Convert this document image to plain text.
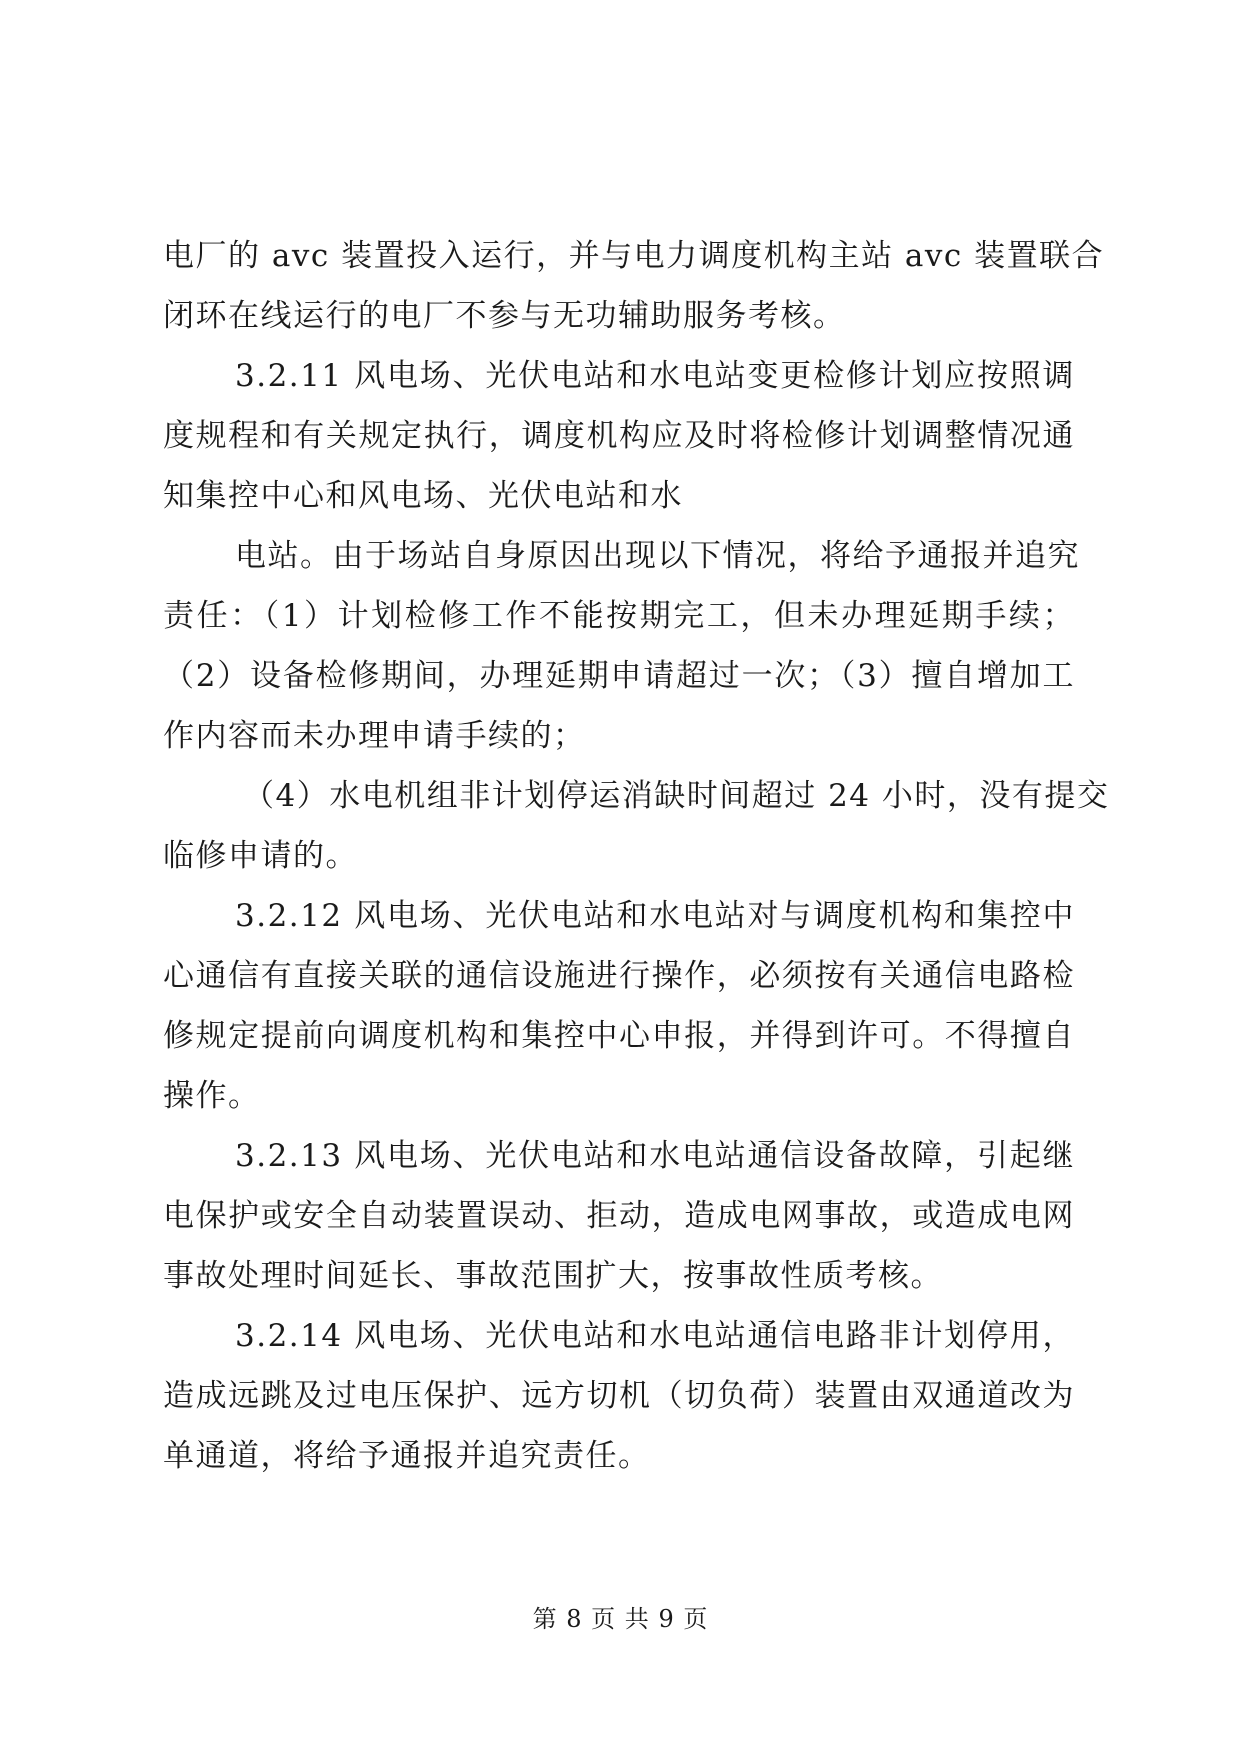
电厂的 avc 装置投入运行，并与电力调度机构主站 avc 装置联合
闭环在线运行的电厂不参与无功辅助服务考核。
3.2.11 风电场、光伏电站和水电站变更检修计划应按照调
度规程和有关规定执行，调度机构应及时将检修计划调整情况通
知集控中心和风电场、光伏电站和水
电站。由于场站自身原因出现以下情况，将给予通报并追究
责任：（1）计划检修工作不能按期完工，但未办理延期手续；
（2）设备检修期间，办理延期申请超过一次；（3）擅自增加工
作内容而未办理申请手续的；
（4）水电机组非计划停运消缺时间超过 24 小时，没有提交
临修申请的。
3.2.12 风电场、光伏电站和水电站对与调度机构和集控中
心通信有直接关联的通信设施进行操作，必须按有关通信电路检
修规定提前向调度机构和集控中心申报，并得到许可。不得擅自
操作。
3.2.13 风电场、光伏电站和水电站通信设备故障，引起继
电保护或安全自动装置误动、拒动，造成电网事故，或造成电网
事故处理时间延长、事故范围扩大，按事故性质考核。
3.2.14 风电场、光伏电站和水电站通信电路非计划停用，
造成远跳及过电压保护、远方切机（切负荷）装置由双通道改为
单通道，将给予通报并追究责任。
第 8 页 共 9 页
